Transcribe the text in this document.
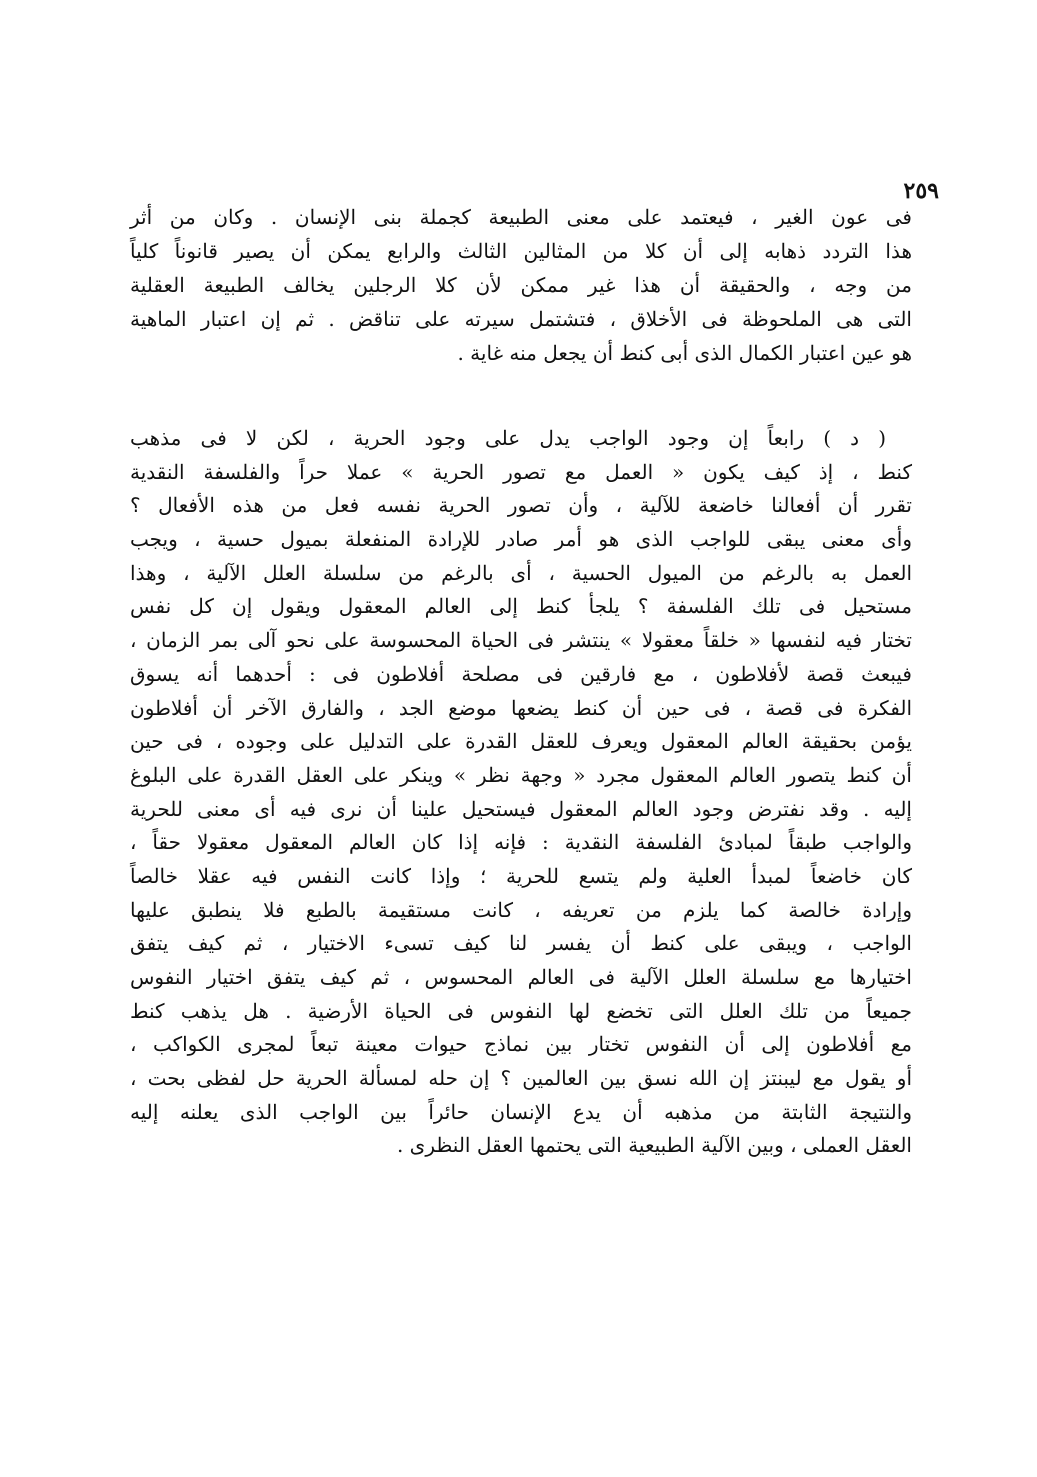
٢٥٩
فى عون الغير ، فيعتمد على معنى الطبيعة كجملة بنى الإنسان . وكان من أثر
هذا التردد ذهابه إلى أن كلا من المثالين الثالث والرابع يمكن أن يصير قانوناً كلياً
من وجه ، والحقيقة أن هذا غير ممكن لأن كلا الرجلين يخالف الطبيعة العقلية
التى هى الملحوظة فى الأخلاق ، فتشتمل سيرته على تناقض . ثم إن اعتبار الماهية
هو عين اعتبار الكمال الذى أبى كنط أن يجعل منه غاية .
( د ) رابعاً إن وجود الواجب يدل على وجود الحرية ، لكن لا فى مذهب
كنط ، إذ كيف يكون « العمل مع تصور الحرية » عملا حراً والفلسفة النقدية
تقرر أن أفعالنا خاضعة للآلية ، وأن تصور الحرية نفسه فعل من هذه الأفعال ؟
وأى معنى يبقى للواجب الذى هو أمر صادر للإرادة المنفعلة بميول حسية ، ويجب
العمل به بالرغم من الميول الحسية ، أى بالرغم من سلسلة العلل الآلية ، وهذا
مستحيل فى تلك الفلسفة ؟ يلجأ كنط إلى العالم المعقول ويقول إن كل نفس
تختار فيه لنفسها « خلقاً معقولا » ينتشر فى الحياة المحسوسة على نحو آلى بمر الزمان ،
فيبعث قصة لأفلاطون ، مع فارقين فى مصلحة أفلاطون فى : أحدهما أنه يسوق
الفكرة فى قصة ، فى حين أن كنط يضعها موضع الجد ، والفارق الآخر أن أفلاطون
يؤمن بحقيقة العالم المعقول ويعرف للعقل القدرة على التدليل على وجوده ، فى حين
أن كنط يتصور العالم المعقول مجرد « وجهة نظر » وينكر على العقل القدرة على البلوغ
إليه . وقد نفترض وجود العالم المعقول فيستحيل علينا أن نرى فيه أى معنى للحرية
والواجب طبقاً لمبادئ الفلسفة النقدية : فإنه إذا كان العالم المعقول معقولا حقاً ،
كان خاضعاً لمبدأ العلية ولم يتسع للحرية ؛ وإذا كانت النفس فيه عقلا خالصاً
وإرادة خالصة كما يلزم من تعريفه ، كانت مستقيمة بالطبع فلا ينطبق عليها
الواجب ، ويبقى على كنط أن يفسر لنا كيف تسىء الاختيار ، ثم كيف يتفق
اختيارها مع سلسلة العلل الآلية فى العالم المحسوس ، ثم كيف يتفق اختيار النفوس
جميعاً من تلك العلل التى تخضع لها النفوس فى الحياة الأرضية . هل يذهب كنط
مع أفلاطون إلى أن النفوس تختار بين نماذج حيوات معينة تبعاً لمجرى الكواكب ،
أو يقول مع ليبنتز إن الله نسق بين العالمين ؟ إن حله لمسألة الحرية حل لفظى بحت ،
والنتيجة الثابتة من مذهبه أن يدع الإنسان حائراً بين الواجب الذى يعلنه إليه
العقل العملى ، وبين الآلية الطبيعية التى يحتمها العقل النظرى .
